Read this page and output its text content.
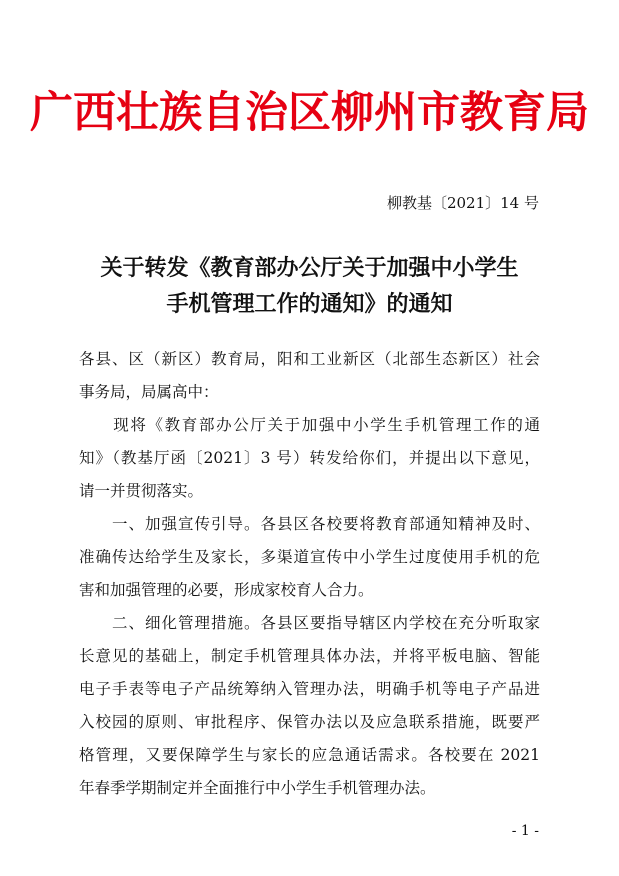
广西壮族自治区柳州市教育局
柳教基〔2021〕14 号
关于转发《教育部办公厅关于加强中小学生
手机管理工作的通知》的通知
各县、区（新区）教育局，阳和工业新区（北部生态新区）社会
事务局，局属高中：
　　现将《教育部办公厅关于加强中小学生手机管理工作的通
知》（教基厅函〔2021〕3 号）转发给你们，并提出以下意见，
请一并贯彻落实。
　　一、加强宣传引导。各县区各校要将教育部通知精神及时、
准确传达给学生及家长，多渠道宣传中小学生过度使用手机的危
害和加强管理的必要，形成家校育人合力。
　　二、细化管理措施。各县区要指导辖区内学校在充分听取家
长意见的基础上，制定手机管理具体办法，并将平板电脑、智能
电子手表等电子产品统筹纳入管理办法，明确手机等电子产品进
入校园的原则、审批程序、保管办法以及应急联系措施，既要严
格管理，又要保障学生与家长的应急通话需求。各校要在 2021
年春季学期制定并全面推行中小学生手机管理办法。
- 1 -
